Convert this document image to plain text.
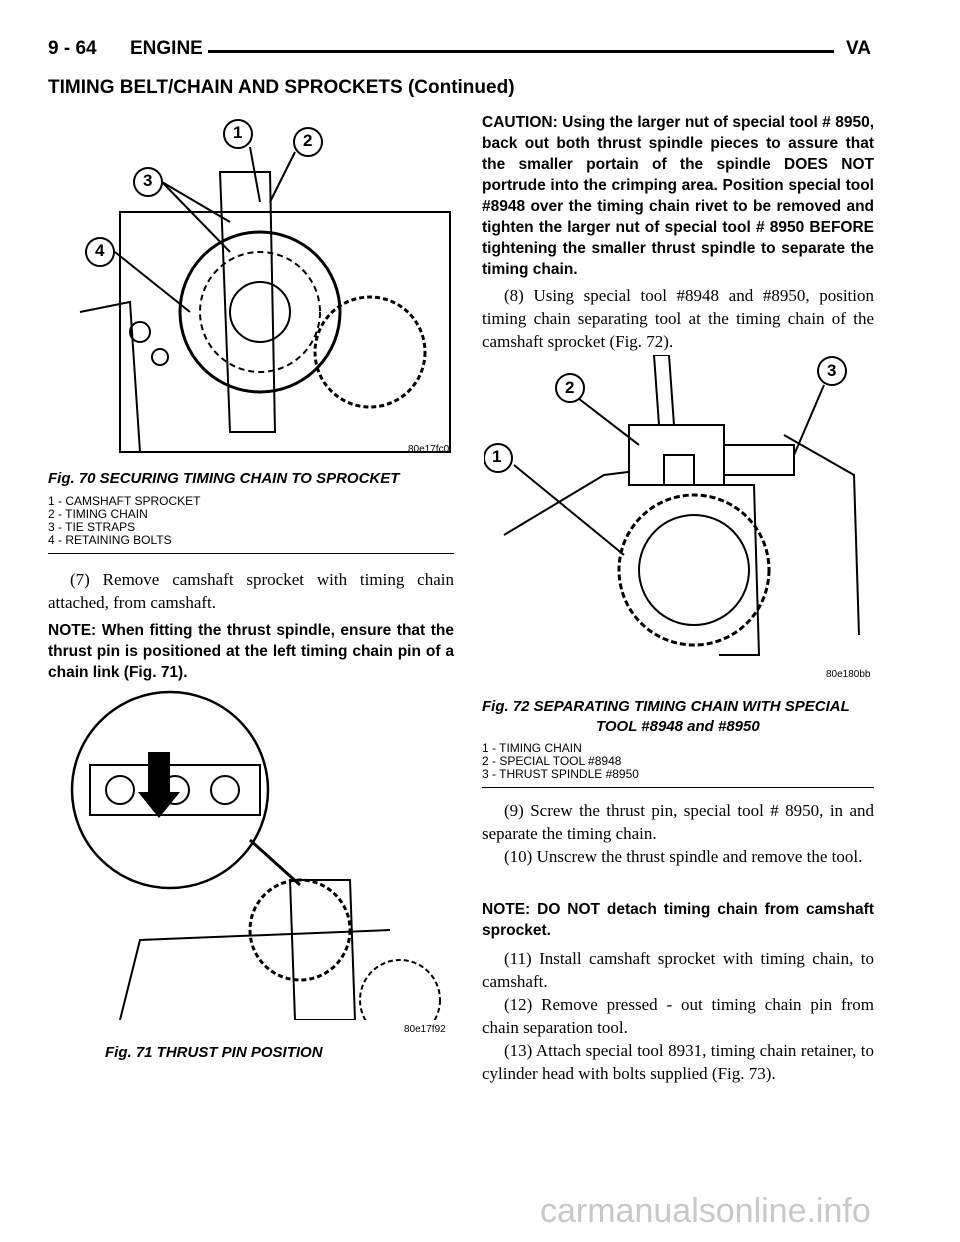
9 - 64 ENGINE	VA
TIMING BELT/CHAIN AND SPROCKETS (Continued)
1	2
3
4
80e17fc0
Fig. 70 SECURING TIMING CHAIN TO SPROCKET
1 - CAMSHAFT SPROCKET
2 - TIMING CHAIN
3 - TIE STRAPS
4 - RETAINING BOLTS

(7) Remove camshaft sprocket with timing chain attached, from camshaft.

NOTE: When fitting the thrust spindle, ensure that the thrust pin is positioned at the left timing chain pin of a chain link (Fig. 71).

80e17f92
Fig. 71 THRUST PIN POSITION

CAUTION: Using the larger nut of special tool # 8950, back out both thrust spindle pieces to assure that the smaller portain of the spindle DOES NOT portrude into the crimping area. Position special tool #8948 over the timing chain rivet to be removed and tighten the larger nut of special tool # 8950 BEFORE tightening the smaller thrust spindle to separate the timing chain.

(8) Using special tool #8948 and #8950, position timing chain separating tool at the timing chain of the camshaft sprocket (Fig. 72).

1
2
3
80e180bb
Fig. 72 SEPARATING TIMING CHAIN WITH SPECIAL
TOOL #8948 and #8950
1 - TIMING CHAIN
2 - SPECIAL TOOL #8948
3 - THRUST SPINDLE #8950

(9) Screw the thrust pin, special tool # 8950, in and separate the timing chain.

(10) Unscrew the thrust spindle and remove the tool.

NOTE: DO NOT detach timing chain from camshaft sprocket.

(11) Install camshaft sprocket with timing chain, to camshaft.

(12) Remove pressed - out timing chain pin from chain separation tool.

(13) Attach special tool 8931, timing chain retainer, to cylinder head with bolts supplied (Fig. 73).

carmanualsonline.info
